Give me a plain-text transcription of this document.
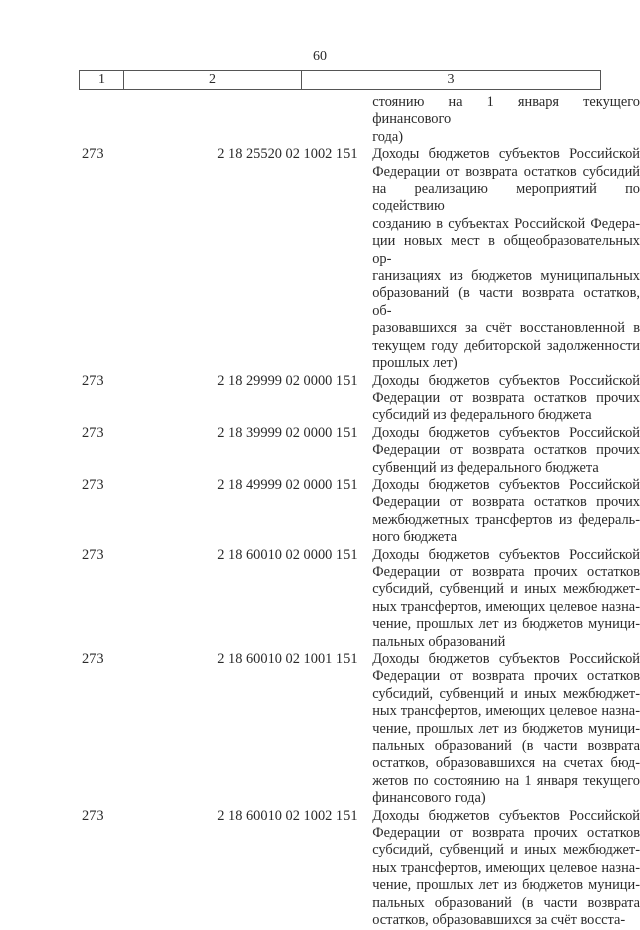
60
1	2	3
стоянию на 1 января текущего финансового
года)
273	2 18 25520 02 1002 151	Доходы бюджетов субъектов Российской
Федерации от возврата остатков субсидий
на реализацию мероприятий по содействию
созданию в субъектах Российской Федера-
ции новых мест в общеобразовательных ор-
ганизациях из бюджетов муниципальных
образований (в части возврата остатков, об-
разовавшихся за счёт восстановленной в
текущем году дебиторской задолженности
прошлых лет)
273	2 18 29999 02 0000 151	Доходы бюджетов субъектов Российской
Федерации от возврата остатков прочих
субсидий из федерального бюджета
273	2 18 39999 02 0000 151	Доходы бюджетов субъектов Российской
Федерации от возврата остатков прочих
субвенций из федерального бюджета
273	2 18 49999 02 0000 151	Доходы бюджетов субъектов Российской
Федерации от возврата остатков прочих
межбюджетных трансфертов из федераль-
ного бюджета
273	2 18 60010 02 0000 151	Доходы бюджетов субъектов Российской
Федерации от возврата прочих остатков
субсидий, субвенций и иных межбюджет-
ных трансфертов, имеющих целевое назна-
чение, прошлых лет из бюджетов муници-
пальных образований
273	2 18 60010 02 1001 151	Доходы бюджетов субъектов Российской
Федерации от возврата прочих остатков
субсидий, субвенций и иных межбюджет-
ных трансфертов, имеющих целевое назна-
чение, прошлых лет из бюджетов муници-
пальных образований (в части возврата
остатков, образовавшихся на счетах бюд-
жетов по состоянию на 1 января текущего
финансового года)
273	2 18 60010 02 1002 151	Доходы бюджетов субъектов Российской
Федерации от возврата прочих остатков
субсидий, субвенций и иных межбюджет-
ных трансфертов, имеющих целевое назна-
чение, прошлых лет из бюджетов муници-
пальных образований (в части возврата
остатков, образовавшихся за счёт восста-
